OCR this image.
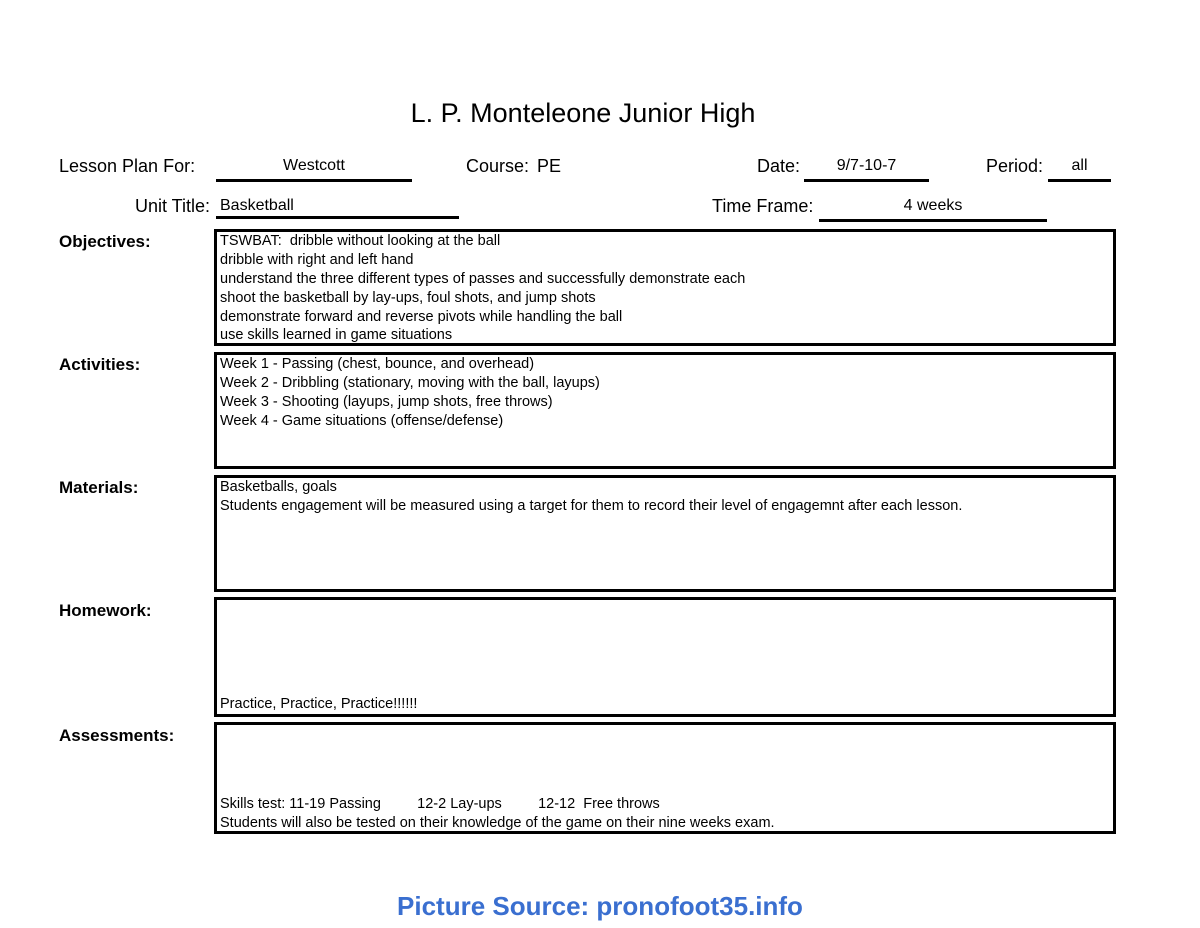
L. P. Monteleone Junior High
Lesson Plan For:	Westcott	Course: PE	Date:	9/7-10-7	Period:	all
Unit Title: Basketball	Time Frame:	4 weeks
Objectives:	TSWBAT:  dribble without looking at the ball
dribble with right and left hand
understand the three different types of passes and successfully demonstrate each
shoot the basketball by lay-ups, foul shots, and jump shots
demonstrate forward and reverse pivots while handling the ball
use skills learned in game situations
Activities:	Week 1 - Passing (chest, bounce, and overhead)
Week 2 - Dribbling (stationary, moving with the ball, layups)
Week 3 - Shooting (layups, jump shots, free throws)
Week 4 - Game situations (offense/defense)
Materials:	Basketballs, goals
Students engagement will be measured using a target for them to record their level of engagemnt after each lesson.
Homework:
Practice, Practice, Practice!!!!!!
Assessments:
Skills test: 11-19 Passing         12-2 Lay-ups         12-12  Free throws
Students will also be tested on their knowledge of the game on their nine weeks exam.
Picture Source: pronofoot35.info
